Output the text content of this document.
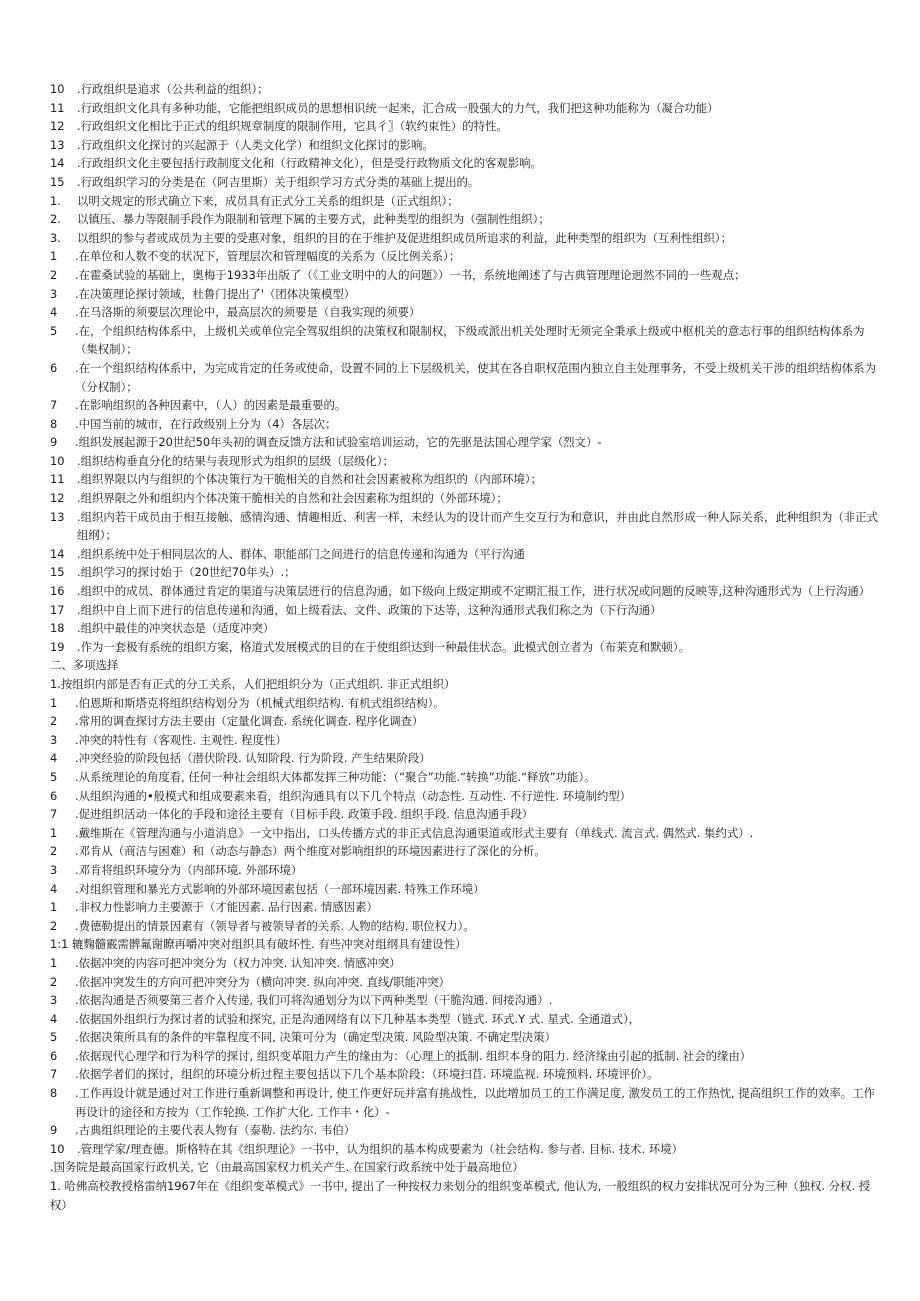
10	.行政组织是追求（公共利益的组织）；
11	.行政组织文化具有多种功能，它能把组织成员的思想相识统一起来，汇合成一股强大的力气，我们把这种功能称为（凝合功能）
12	.行政组织文化相比于正式的组织规章制度的限制作用，它具彳〗（软约束性）的特性。
13	.行政组织文化探讨的兴起源于（人类文化学）和组织文化探讨的影响。
14	.行政组织文化主要包括行政制度文化和（行政精神文化），但是受行政物质文化的客观影响。
15	.行政组织学习的分类是在（阿吉里斯）关于组织学习方式分类的基础上提出的。
1.	以明文规定的形式确立下来，成员具有正式分工关系的组织是（正式组织）；
2.	以镇压、暴力等限制手段作为限制和管理下属的主要方式，此种类型的组织为（强制性组织）；
3.	以组织的参与者或成员为主要的受惠对象，组织的目的在于维护及促进组织成员所追求的利益，此种类型的组织为（互利性组织）；
1	.在单位和人数不变的状况下，管理层次和管理幅度的关系为（反比例关系）；
2	.在霍桑试验的基础上，奥梅于1933年出版了（《工业文明中的人的问题》）一书，系统地阐述了与古典管理理论迥然不同的一些观点；
3	.在决策理论探讨领域，杜鲁门提出了'（团体决策模型）
4	.在马洛斯的须要层次理论中，最高层次的须要是（自我实现的须要）
5	.在，个组织结构体系中，上级机关或单位完全驾驭组织的决策权和限制权，下级或派出机关处理时无须完全秉承上级或中枢机关的意志行事的组织结构体系为（集权制）；
6	.在一个组织结构体系中，为完成肯定的任务或使命，设置不同的上下层级机关，使其在各自职权范围内独立自主处理事务，不受上级机关干涉的组织结构体系为（分权制）；
7	.在影响组织的各种因素中，（人）的因素是最重要的。
8	.中国当前的城市，在行政级别上分为（4）各层次；
9	.组织发展起源于20世纪50年头初的调查反馈方法和试验室培训运动，它的先驱是法国心理学家（烈文）-
10	.组织结构垂直分化的结果与表现形式为组织的层级（层级化）；
11	.组织界限以内与组织的个体决策行为干脆相关的自然和社会因素被称为组织的（内部环境）；
12	.组织界限之外和组织内个体决策干脆相关的自然和社会因素称为组织的（外部环境）；
13	.组织内若干成员由于相互接触、感情沟通、情趣相近、利害一样，未经认为的设计而产生交互行为和意识，并由此自然形成一种人际关系，此种组织为（非正式组纲）；
14	.组织系统中处于相同层次的人、群体、职能部门之间进行的信息传递和沟通为（平行沟通
15	.组织学习的探讨始于（20世纪70年头）.；
16	.组织中的成员、群体通过肯定的渠道与决策层进行的信息沟通，如下级向上级定期或不定期汇报工作，进行状况或问题的反映等,这种沟通形式为（上行沟通）
17	.组织中自上而下进行的信息传递和沟通，如上级看法、文件、政策的下达等，这种沟通形式我们称之为（下行沟通）
18	.组织中最佳的冲突状态是（适度冲突）
19	.作为一套极有系统的组织方案，格道式发展模式的目的在于使组织达到一种最佳状态。此模式创立者为（布莱克和默顿）。
二、多项选择
1.按组织内部是否有正式的分工关系，人们把组织分为（正式组织. 非正式组织）
1	.伯恩斯和斯塔克将组织结构划分为（机械式组织结构. 有机式组织结构）。
2	.常用的调查探讨方法主要由（定量化调查. 系统化调查. 程序化调查）
3	.冲突的特性有（客观性. 主观性. 程度性）
4	.冲突经验的阶段包括（潜伏阶段. 认知阶段. 行为阶段. 产生结果阶段）
5	.从系统理论的角度看, 任何一种社会组织大体都发挥三种功能：（“聚合”功能.“转换”功能.“释放”功能）。
6	.从组织沟通的•般模式和组成要素来看，组织沟通具有以下几个特点（动态性. 互动性. 不行逆性. 环境制约型）
7	.促进组织活动一体化的手段和途径主要有（目标手段. 政策手段. 组织手段. 信息沟通手段）
1	.戴维斯在《管理沟通与小道消息》一文中指出，口头传播方式的非正式信息沟通渠道或形式主要有（单线式. 流言式. 偶然式. 集约式）.
2	.邓肯从（商洁与困难）和（动态与静态）两个维度对影响组织的环境因素进行了深化的分析。
3	.邓肯将组织环境分为（内部环境. 外部环境）
4	.对组织管理和暴光方式影响的外部环境因素包括（一部环境因素. 特殊工作环境）
1	.非权力性影响力主要源于（才能因素. 品行因素. 情感因素）
2	.费德勒提出的情景因素有（领导者与被领导者的关系. 人物的结构. 职位权力）。
1:1 辘麴髓霰需髀氟谢瞭再嚼冲突对组织具有破坏性. 有些冲突对组纲具有建设性）
1	.依据冲突的内容可把冲突分为（权力冲突. 认知冲突. 情感冲突）
2	.依据冲突发生的方向可把冲突分为（横向冲突. 纵向冲突. 直线/职能冲突）
3	.依据沟通是否须要第三者介入传递, 我们可将沟通划分为以下两种类型（干脆沟通. 间接沟通）.
4	.依据国外组织行为探讨者的试验和探究, 正是沟通网络有以下几种基本类型（链式. 环式.Y 式. 星式. 全通道式），
5	.依据决策所具有的条件的牢靠程度不同, 决策可分为（确定型决策. 风险型决策. 不确定型决策）
6	.依据现代心理学和行为科学的探讨, 组织变革阻力产生的缘由为：（心理上的抵制. 组织本身的阻力. 经济缘由引起的抵制. 社会的缘由）
7	.依据学者们的探讨，组织的环境分析过程主要包括以下几个基本阶段：（环境扫苜. 环境监视. 环境预料. 环境评价）。
8	.工作再设计就是通过对工作进行重新调整和再设计, 使工作更好玩并富有挑战性，以此增加员工的工作满足度, 激发员工的工作热忱, 提高组织工作的效率。工作再设计的途径和方按为（工作轮换. 工作扩大化. 工作丰・化）-
9	.古典组织理论的主要代表人物有（泰勒. 法约尔. 韦伯）
10	.管理学家/理查德。斯格特在其《组织理论》一书中，认为组织的基本构成要素为（社会结构. 参与者. 目标. 技术. 环境）
.国务院是最高国家行政机关, 它（由最高国家权力机关产生. 在国家行政系统中处于最高地位）
1. 哈佛高校教授格雷纳1967年在《组织变革模式》一书中, 提出了一种按权力来划分的组织变革模式, 他认为, 一般组织的权力安排状况可分为三种（独权. 分权. 授权）
